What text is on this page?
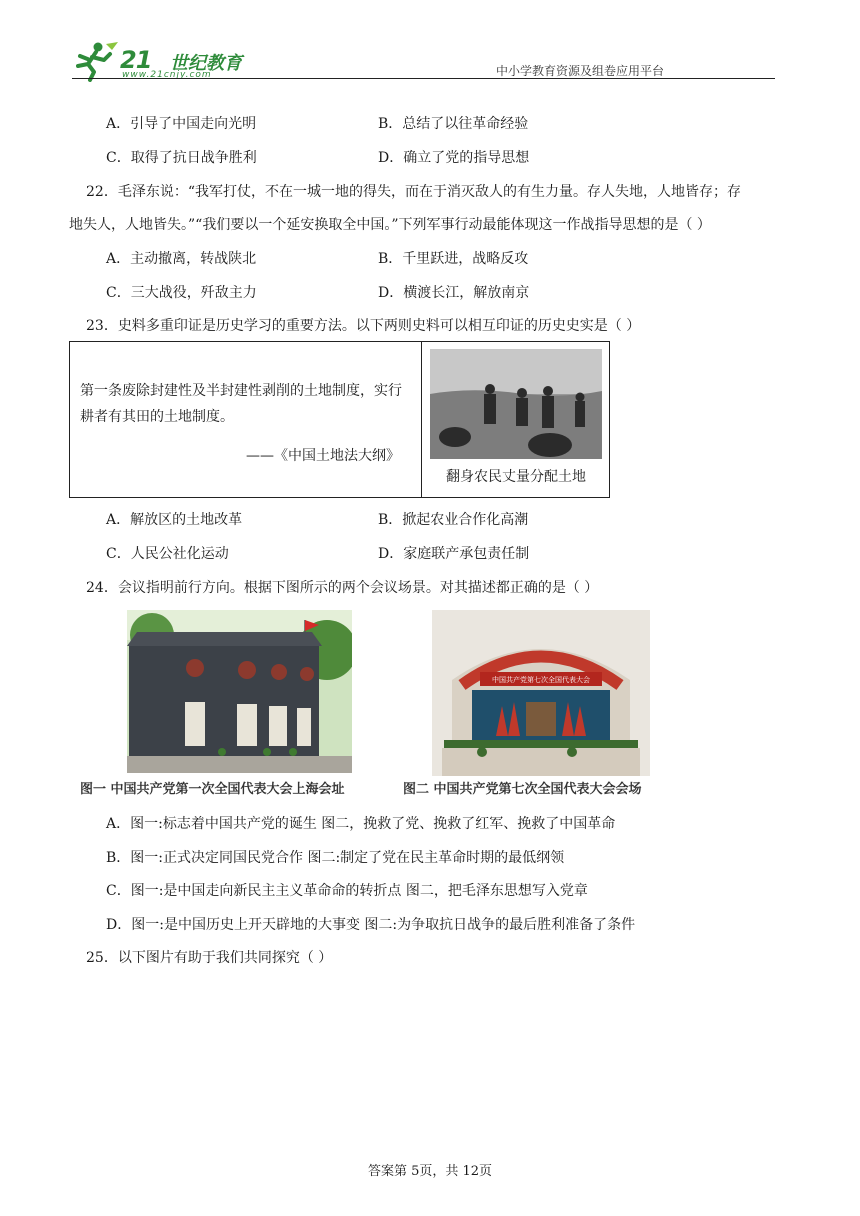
21 世纪教育
www.21cnjy.com	中小学教育资源及组卷应用平台
A．引导了中国走向光明	B．总结了以往革命经验
C．取得了抗日战争胜利	D．确立了党的指导思想
22．毛泽东说：“我军打仗，不在一城一地的得失，而在于消灭敌人的有生力量。存人失地，人地皆存；存
地失人，人地皆失。”“我们要以一个延安换取全中国。”下列军事行动最能体现这一作战指导思想的是（ ）
A．主动撤离，转战陕北	B．千里跃进，战略反攻
C．三大战役，歼敌主力	D．横渡长江，解放南京
23．史料多重印证是历史学习的重要方法。以下两则史料可以相互印证的历史史实是（ ）
第一条废除封建性及半封建性剥削的土地制度，实行耕者有其田的土地制度。
——《中国土地法大纲》
翻身农民丈量分配土地
A．解放区的土地改革	B．掀起农业合作化高潮
C．人民公社化运动	D．家庭联产承包责任制
24．会议指明前行方向。根据下图所示的两个会议场景。对其描述都正确的是（ ）
中国共产党第七次全国代表大会
图一 中国共产党第一次全国代表大会上海会址	图二 中国共产党第七次全国代表大会会场
A．图一:标志着中国共产党的诞生 图二，挽救了党、挽救了红军、挽救了中国革命
B．图一:正式决定同国民党合作 图二:制定了党在民主革命时期的最低纲领
C．图一:是中国走向新民主主义革命命的转折点 图二，把毛泽东思想写入党章
D．图一:是中国历史上开天辟地的大事变 图二:为争取抗日战争的最后胜利准备了条件
25．以下图片有助于我们共同探究（ ）
答案第 5页，共 12页
